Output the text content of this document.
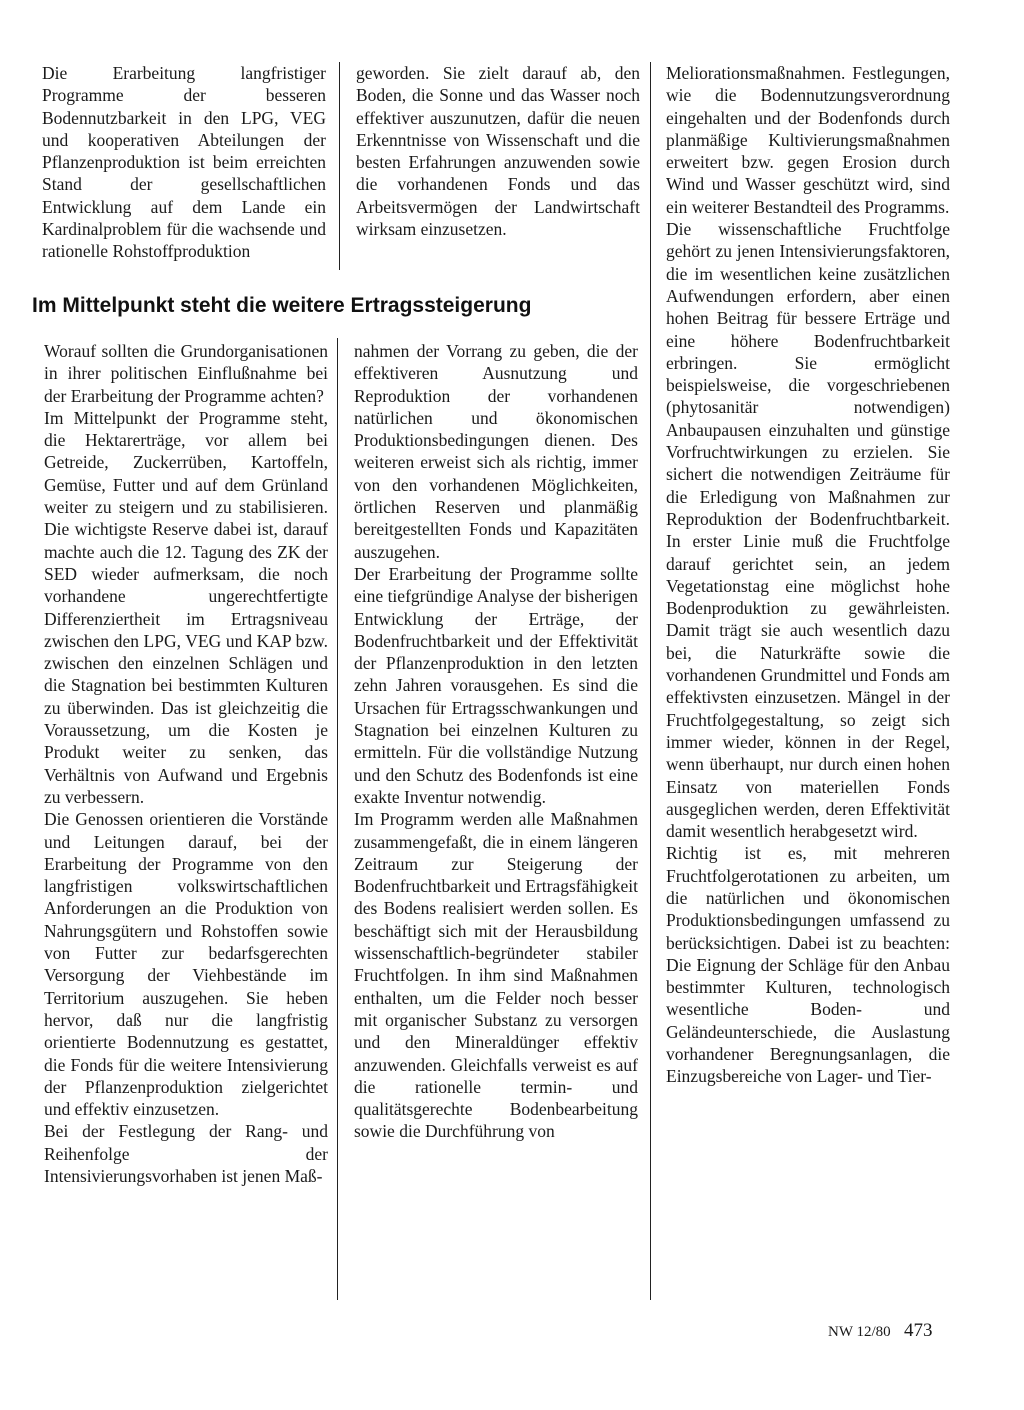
Die Erarbeitung langfristiger Programme der besseren Bodennutzbarkeit in den LPG, VEG und kooperativen Abteilungen der Pflanzenproduktion ist beim erreichten Stand der gesellschaftlichen Entwicklung auf dem Lande ein Kardinalproblem für die wachsende und rationelle Rohstoffproduktion

geworden. Sie zielt darauf ab, den Boden, die Sonne und das Wasser noch effektiver auszunutzen, dafür die neuen Erkenntnisse von Wissenschaft und die besten Erfahrungen anzuwenden sowie die vorhandenen Fonds und das Arbeitsvermögen der Landwirtschaft wirksam einzusetzen.

Im Mittelpunkt steht die weitere Ertragssteigerung

Worauf sollten die Grundorganisationen in ihrer politischen Einflußnahme bei der Erarbeitung der Programme achten?

Im Mittelpunkt der Programme steht, die Hektarerträge, vor allem bei Getreide, Zuckerrüben, Kartoffeln, Gemüse, Futter und auf dem Grünland weiter zu steigern und zu stabilisieren. Die wichtigste Reserve dabei ist, darauf machte auch die 12. Tagung des ZK der SED wieder aufmerksam, die noch vorhandene ungerechtfertigte Differenziertheit im Ertragsniveau zwischen den LPG, VEG und KAP bzw. zwischen den einzelnen Schlägen und die Stagnation bei bestimmten Kulturen zu überwinden. Das ist gleichzeitig die Voraussetzung, um die Kosten je Produkt weiter zu senken, das Verhältnis von Aufwand und Ergebnis zu verbessern.

Die Genossen orientieren die Vorstände und Leitungen darauf, bei der Erarbeitung der Programme von den langfristigen volkswirtschaftlichen Anforderungen an die Produktion von Nahrungsgütern und Rohstoffen sowie von Futter zur bedarfsgerechten Versorgung der Viehbestände im Territorium auszugehen. Sie heben hervor, daß nur die langfristig orientierte Bodennutzung es gestattet, die Fonds für die weitere Intensivierung der Pflanzenproduktion zielgerichtet und effektiv einzusetzen.

Bei der Festlegung der Rang- und Reihenfolge der Intensivierungsvorhaben ist jenen Maß-

nahmen der Vorrang zu geben, die der effektiveren Ausnutzung und Reproduktion der vorhandenen natürlichen und ökonomischen Produktionsbedingungen dienen. Des weiteren erweist sich als richtig, immer von den vorhandenen Möglichkeiten, örtlichen Reserven und planmäßig bereitgestellten Fonds und Kapazitäten auszugehen.

Der Erarbeitung der Programme sollte eine tiefgründige Analyse der bisherigen Entwicklung der Erträge, der Bodenfruchtbarkeit und der Effektivität der Pflanzenproduktion in den letzten zehn Jahren vorausgehen. Es sind die Ursachen für Ertragsschwankungen und Stagnation bei einzelnen Kulturen zu ermitteln. Für die vollständige Nutzung und den Schutz des Bodenfonds ist eine exakte Inventur notwendig.

Im Programm werden alle Maßnahmen zusammengefaßt, die in einem längeren Zeitraum zur Steigerung der Bodenfruchtbarkeit und Ertragsfähigkeit des Bodens realisiert werden sollen. Es beschäftigt sich mit der Herausbildung wissenschaftlich-begründeter stabiler Fruchtfolgen. In ihm sind Maßnahmen enthalten, um die Felder noch besser mit organischer Substanz zu versorgen und den Mineraldünger effektiv anzuwenden. Gleichfalls verweist es auf die rationelle termin- und qualitätsgerechte Bodenbearbeitung sowie die Durchführung von

Meliorationsmaßnahmen. Festlegungen, wie die Bodennutzungsverordnung eingehalten und der Bodenfonds durch planmäßige Kultivierungsmaßnahmen erweitert bzw. gegen Erosion durch Wind und Wasser geschützt wird, sind ein weiterer Bestandteil des Programms.

Die wissenschaftliche Fruchtfolge gehört zu jenen Intensivierungsfaktoren, die im wesentlichen keine zusätzlichen Aufwendungen erfordern, aber einen hohen Beitrag für bessere Erträge und eine höhere Bodenfruchtbarkeit erbringen. Sie ermöglicht beispielsweise, die vorgeschriebenen (phytosanitär notwendigen) Anbaupausen einzuhalten und günstige Vorfruchtwirkungen zu erzielen. Sie sichert die notwendigen Zeiträume für die Erledigung von Maßnahmen zur Reproduktion der Bodenfruchtbarkeit. In erster Linie muß die Fruchtfolge darauf gerichtet sein, an jedem Vegetationstag eine möglichst hohe Bodenproduktion zu gewährleisten. Damit trägt sie auch wesentlich dazu bei, die Naturkräfte sowie die vorhandenen Grundmittel und Fonds am effektivsten einzusetzen. Mängel in der Fruchtfolgegestaltung, so zeigt sich immer wieder, können in der Regel, wenn überhaupt, nur durch einen hohen Einsatz von materiellen Fonds ausgeglichen werden, deren Effektivität damit wesentlich herabgesetzt wird.

Richtig ist es, mit mehreren Fruchtfolgerotationen zu arbeiten, um die natürlichen und ökonomischen Produktionsbedingungen umfassend zu berücksichtigen. Dabei ist zu beachten: Die Eignung der Schläge für den Anbau bestimmter Kulturen, technologisch wesentliche Boden- und Geländeunterschiede, die Auslastung vorhandener Beregnungsanlagen, die Einzugsbereiche von Lager- und Tier-

NW 12/80 473
